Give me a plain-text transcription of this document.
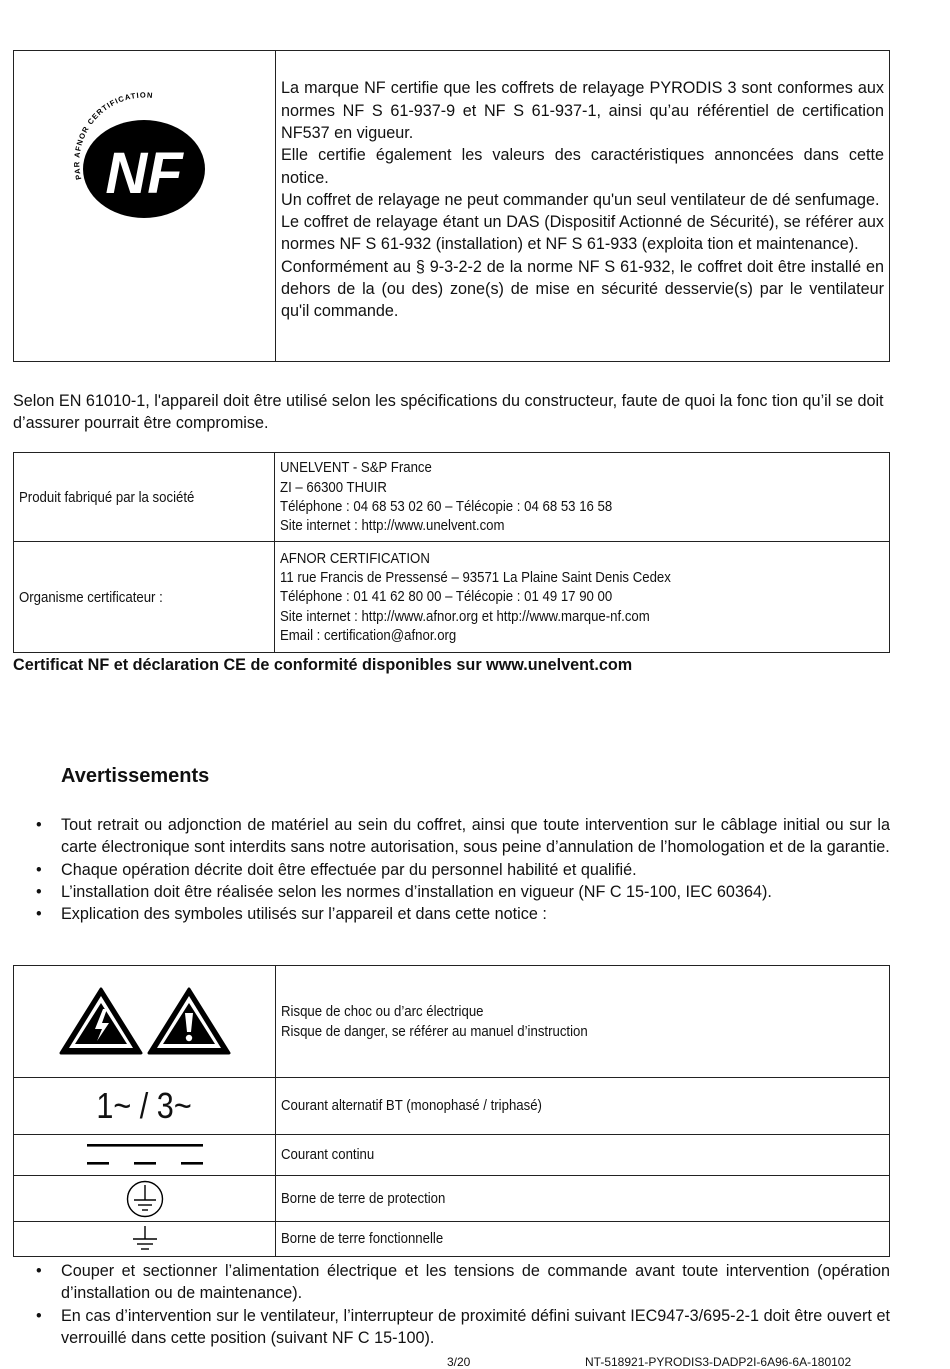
PAR AFNOR CERTIFICATION
NF

La marque NF certifie que les coffrets de relayage PYRODIS 3 sont conformes aux normes NF S 61-937-9 et NF S 61-937-1, ainsi qu’au référentiel de certification NF537 en vigueur.

Elle certifie également les valeurs des caractéristiques annoncées dans cette notice.

Un coffret de relayage ne peut commander qu'un seul ventilateur de dé senfumage.

Le coffret de relayage étant un DAS (Dispositif Actionné de Sécurité), se référer aux normes NF S 61-932 (installation) et NF S 61-933 (exploita tion et maintenance).

Conformément au § 9-3-2-2 de la norme NF S 61-932, le coffret doit être installé en dehors de la (ou des) zone(s) de mise en sécurité desservie(s) par le ventilateur qu'il commande.

Selon EN 61010-1, l'appareil doit être utilisé selon les spécifications du constructeur, faute de quoi la fonc tion qu’il se doit d’assurer pourrait être compromise.
Produit fabriqué par la société	UNELVENT - S&P France
ZI – 66300 THUIR
Téléphone : 04 68 53 02 60 – Télécopie : 04 68 53 16 58
Site internet : http://www.unelvent.com

Organisme certificateur :	AFNOR CERTIFICATION
11 rue Francis de Pressensé – 93571 La Plaine Saint Denis Cedex
Téléphone : 01 41 62 80 00 – Télécopie : 01 49 17 90 00
Site internet : http://www.afnor.org et http://www.marque-nf.com
Email : certification@afnor.org
Certificat NF et déclaration CE de conformité disponibles sur www.unelvent.com
Avertissements
• Tout retrait ou adjonction de matériel au sein du coffret, ainsi que toute intervention sur le câblage initial ou sur la carte électronique sont interdits sans notre autorisation, sous peine d’annulation de l’homologation et de la garantie.
• Chaque opération décrite doit être effectuée par du personnel habilité et qualifié.
• L’installation doit être réalisée selon les normes d’installation en vigueur (NF C 15-100, IEC 60364).
• Explication des symboles utilisés sur l’appareil et dans cette notice :

Risque de choc ou d’arc électrique
Risque de danger, se référer au manuel d’instruction

1~ / 3~	Courant alternatif BT (monophasé / triphasé)

	Courant continu

	Borne de terre de protection

	Borne de terre fonctionnelle
• Couper et sectionner l’alimentation électrique et les tensions de commande avant toute intervention (opération d’installation ou de maintenance).
• En cas d’intervention sur le ventilateur, l’interrupteur de proximité défini suivant IEC947-3/695-2-1 doit être ouvert et verrouillé dans cette position (suivant NF C 15-100).
3/20	NT-518921-PYRODIS3-DADP2I-6A96-6A-180102
